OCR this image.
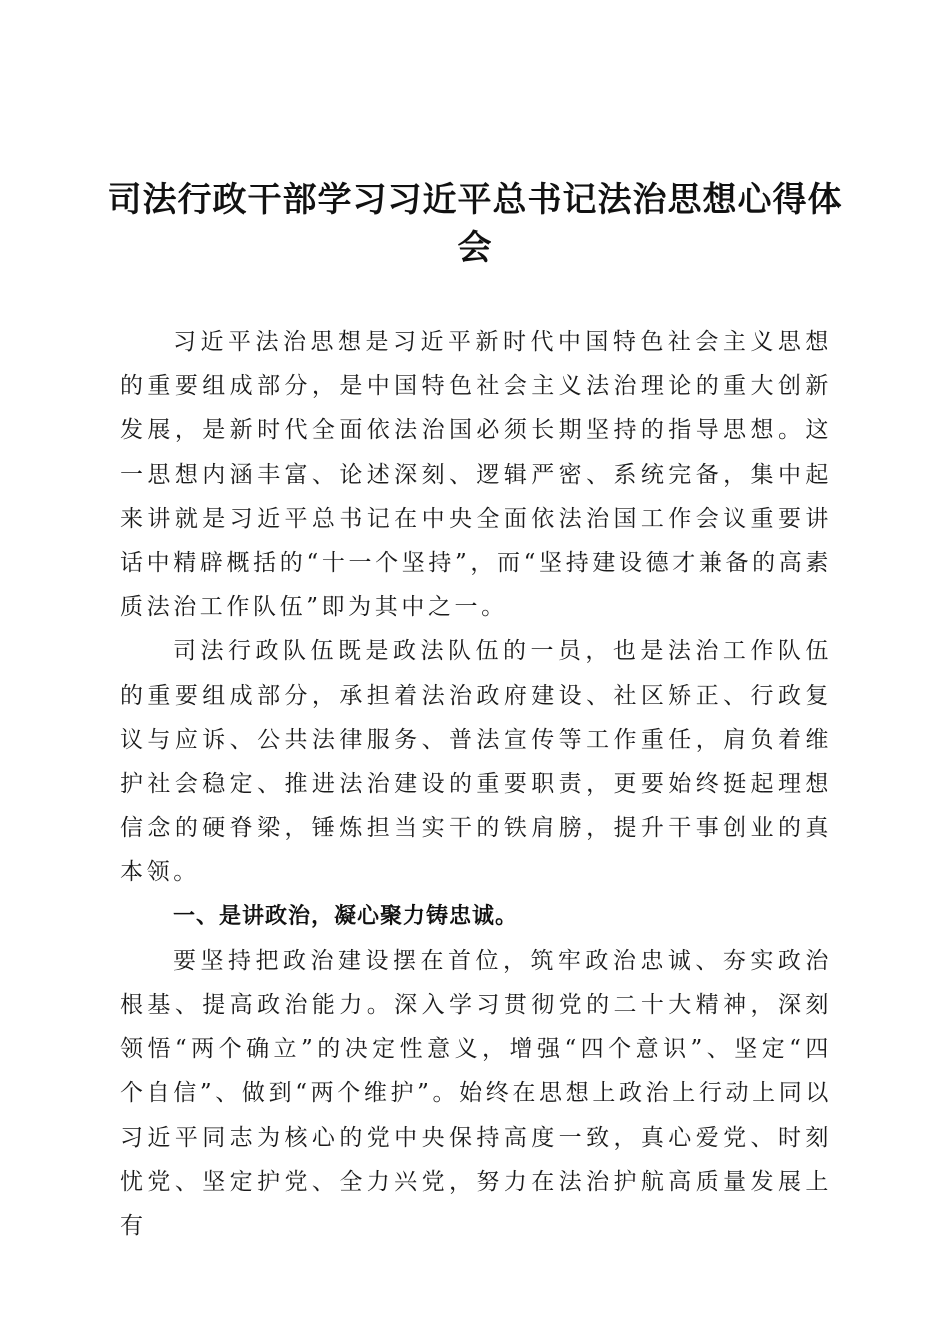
司法行政干部学习习近平总书记法治思想心得体会

习近平法治思想是习近平新时代中国特色社会主义思想的重要组成部分，是中国特色社会主义法治理论的重大创新发展，是新时代全面依法治国必须长期坚持的指导思想。这一思想内涵丰富、论述深刻、逻辑严密、系统完备，集中起来讲就是习近平总书记在中央全面依法治国工作会议重要讲话中精辟概括的“十一个坚持”，而“坚持建设德才兼备的高素质法治工作队伍”即为其中之一。

司法行政队伍既是政法队伍的一员，也是法治工作队伍的重要组成部分，承担着法治政府建设、社区矫正、行政复议与应诉、公共法律服务、普法宣传等工作重任，肩负着维护社会稳定、推进法治建设的重要职责，更要始终挺起理想信念的硬脊梁，锤炼担当实干的铁肩膀，提升干事创业的真本领。

一、是讲政治，凝心聚力铸忠诚。

要坚持把政治建设摆在首位，筑牢政治忠诚、夯实政治根基、提高政治能力。深入学习贯彻党的二十大精神，深刻领悟“两个确立”的决定性意义，增强“四个意识”、坚定“四个自信”、做到“两个维护”。始终在思想上政治上行动上同以习近平同志为核心的党中央保持高度一致，真心爱党、时刻忧党、坚定护党、全力兴党，努力在法治护航高质量发展上有
